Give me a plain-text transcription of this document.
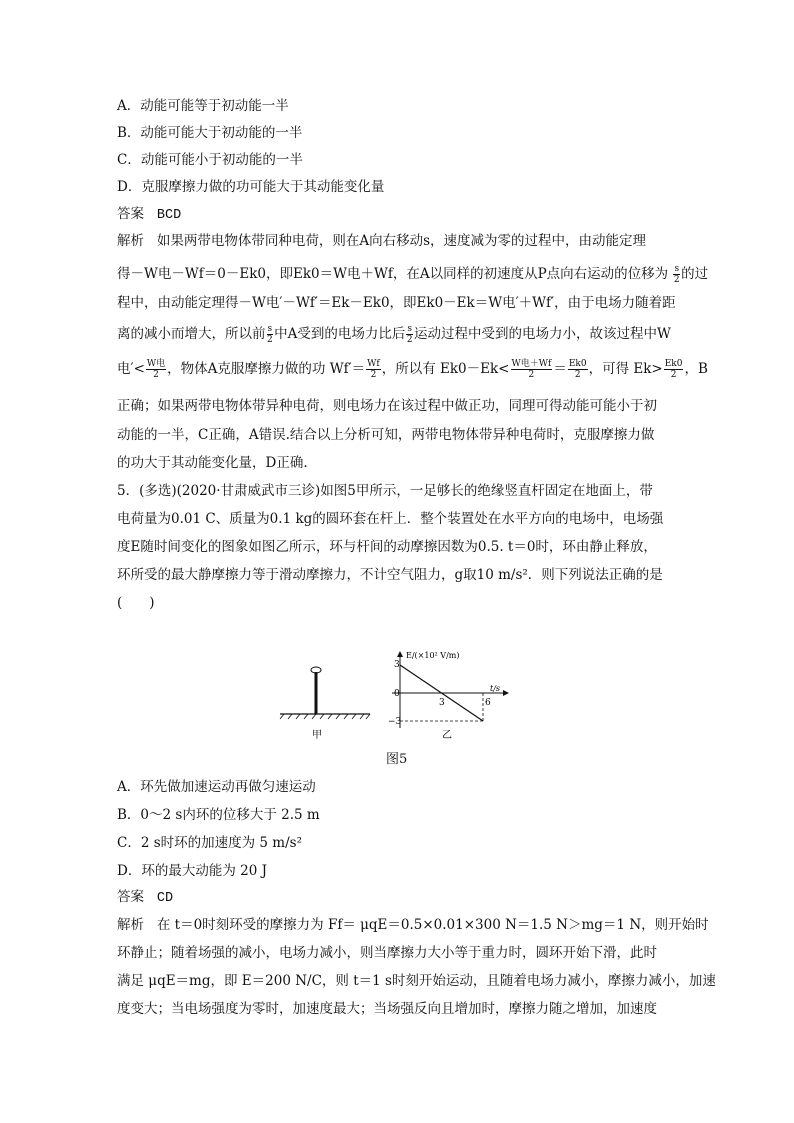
A．动能可能等于初动能一半
B．动能可能大于初动能的一半
C．动能可能小于初动能的一半
D．克服摩擦力做的功可能大于其动能变化量
答案 BCD
解析 如果两带电物体带同种电荷，则在A向右移动s，速度减为零的过程中，由动能定理
得－W电－Wf＝0－Ek0，即Ek0＝W电＋Wf，在A以同样的初速度从P点向右运动的位移为 $\frac{s}{2}$ 的过
程中，由动能定理得－W电′－Wf′＝Ek－Ek0，即Ek0－Ek＝W电′＋Wf′，由于电场力随着距
离的减小而增大，所以前 $\frac{s}{2}$ 中A受到的电场力比后 $\frac{s}{2}$ 运动过程中受到的电场力小，故该过程中W
电′< $\frac{\text{W电}}{2}$ ，物体A克服摩擦力做的功 $Wf'= \frac{Wf}{2}$ ，所以有 $Ek0-Ek< \frac{\text{W电＋Wf}}{2} = \frac{Ek0}{2}$ ，可得 $Ek> \frac{Ek0}{2}$ ，B
正确；如果两带电物体带异种电荷，则电场力在该过程中做正功，同理可得动能可能小于初
动能的一半，C正确，A错误.结合以上分析可知，两带电物体带异种电荷时，克服摩擦力做
的功大于其动能变化量，D正确.
5．(多选)(2020·甘肃威武市三诊)如图5甲所示，一足够长的绝缘竖直杆固定在地面上，带
电荷量为0.01 C、质量为0.1 kg的圆环套在杆上．整个装置处在水平方向的电场中，电场强
度E随时间变化的图象如图乙所示，环与杆间的动摩擦因数为0.5. t＝0时，环由静止释放，
环所受的最大静摩擦力等于滑动摩擦力，不计空气阻力，g取10 m/s²．则下列说法正确的是
(　　)
E/(×10² V/m)
t/s
3
0
−3
3	6
甲	乙
图5
A．环先做加速运动再做匀速运动
B．0～2 s内环的位移大于 2.5 m
C．2 s时环的加速度为 5 m/s²
D．环的最大动能为 20 J
答案 CD
解析 在 t＝0时刻环受的摩擦力为 Ff＝ μqE＝0.5×0.01×300 N＝1.5 N＞mg＝1 N，则开始时
环静止；随着场强的减小，电场力减小，则当摩擦力大小等于重力时，圆环开始下滑，此时
满足 μqE＝mg，即 E＝200 N/C，则 t＝1 s时刻开始运动，且随着电场力减小，摩擦力减小，加速
度变大；当电场强度为零时，加速度最大；当场强反向且增加时，摩擦力随之增加，加速度
